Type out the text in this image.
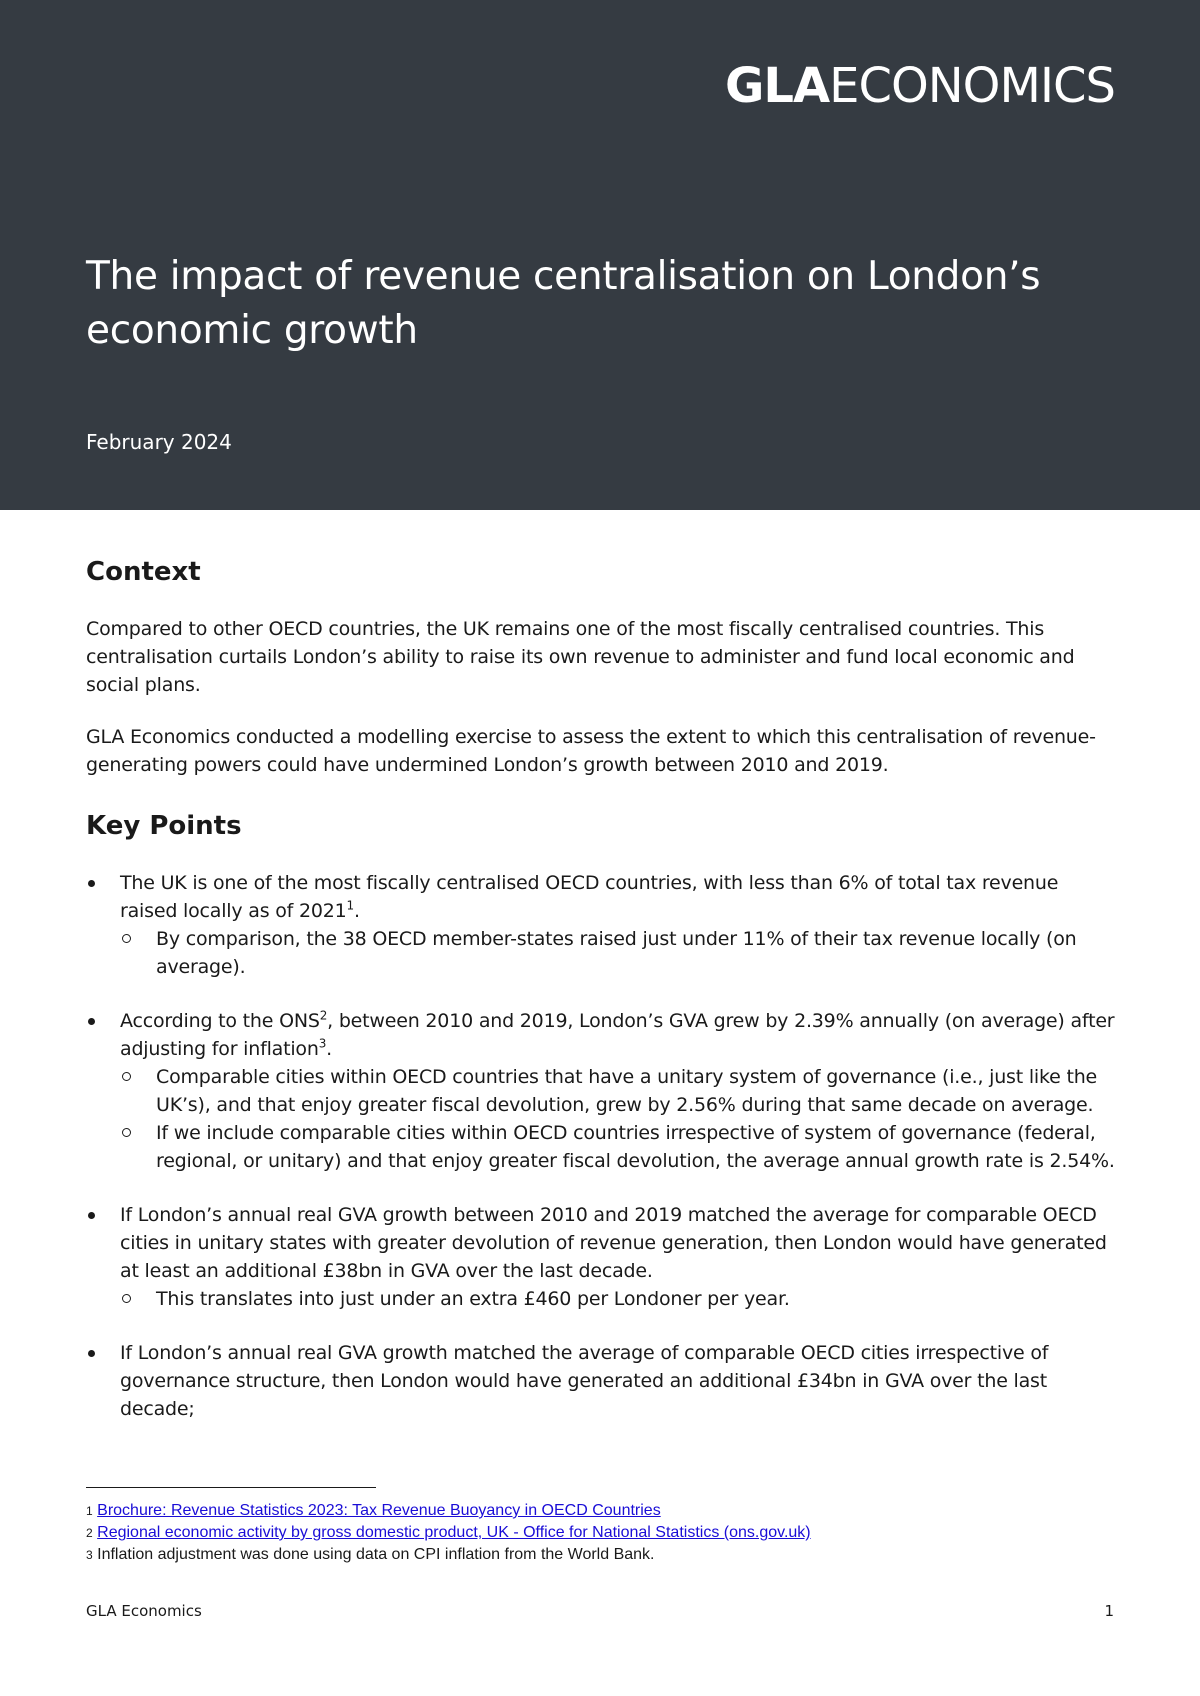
GLAECONOMICS
The impact of revenue centralisation on London’s economic growth
February 2024
Context

Compared to other OECD countries, the UK remains one of the most fiscally centralised countries. This centralisation curtails London’s ability to raise its own revenue to administer and fund local economic and social plans.

GLA Economics conducted a modelling exercise to assess the extent to which this centralisation of revenue-generating powers could have undermined London’s growth between 2010 and 2019.

Key Points
The UK is one of the most fiscally centralised OECD countries, with less than 6% of total tax revenue raised locally as of 2021$^1$.
By comparison, the 38 OECD member-states raised just under 11% of their tax revenue locally (on average).
According to the ONS$^2$, between 2010 and 2019, London’s GVA grew by 2.39% annually (on average) after adjusting for inflation$^3$.
Comparable cities within OECD countries that have a unitary system of governance (i.e., just like the UK’s), and that enjoy greater fiscal devolution, grew by 2.56% during that same decade on average.
If we include comparable cities within OECD countries irrespective of system of governance (federal, regional, or unitary) and that enjoy greater fiscal devolution, the average annual growth rate is 2.54%.
If London’s annual real GVA growth between 2010 and 2019 matched the average for comparable OECD cities in unitary states with greater devolution of revenue generation, then London would have generated at least an additional £38bn in GVA over the last decade.
This translates into just under an extra £460 per Londoner per year.
If London’s annual real GVA growth matched the average of comparable OECD cities irrespective of governance structure, then London would have generated an additional £34bn in GVA over the last decade;

$^1$ Brochure: Revenue Statistics 2023: Tax Revenue Buoyancy in OECD Countries

$^2$ Regional economic activity by gross domestic product, UK - Office for National Statistics (ons.gov.uk)

$^3$ Inflation adjustment was done using data on CPI inflation from the World Bank.

GLA Economics	1
